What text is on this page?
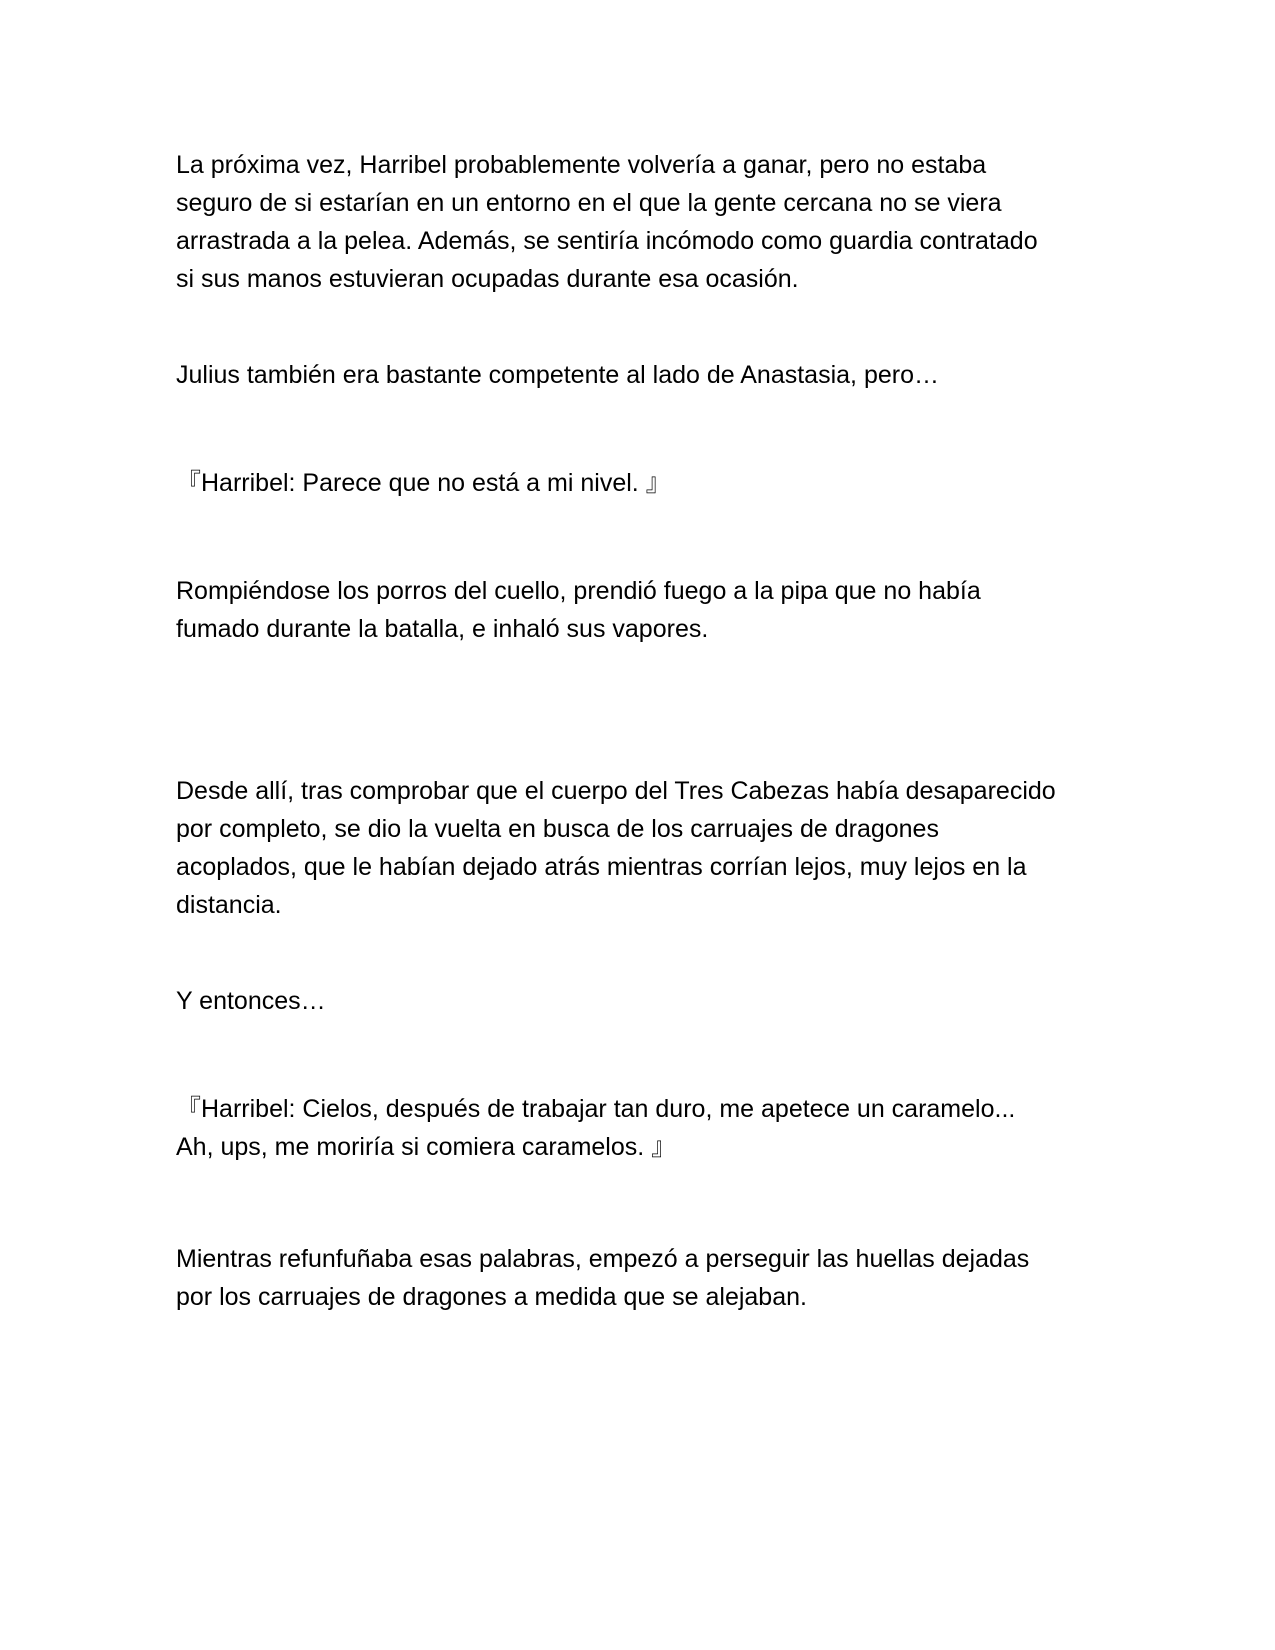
La próxima vez, Harribel probablemente volvería a ganar, pero no estaba
seguro de si estarían en un entorno en el que la gente cercana no se viera
arrastrada a la pelea. Además, se sentiría incómodo como guardia contratado
si sus manos estuvieran ocupadas durante esa ocasión.
Julius también era bastante competente al lado de Anastasia, pero…
『Harribel: Parece que no está a mi nivel. 』
Rompiéndose los porros del cuello, prendió fuego a la pipa que no había
fumado durante la batalla, e inhaló sus vapores.
Desde allí, tras comprobar que el cuerpo del Tres Cabezas había desaparecido
por completo, se dio la vuelta en busca de los carruajes de dragones
acoplados, que le habían dejado atrás mientras corrían lejos, muy lejos en la
distancia.
Y entonces…
『Harribel: Cielos, después de trabajar tan duro, me apetece un caramelo...
Ah, ups, me moriría si comiera caramelos. 』
Mientras refunfuñaba esas palabras, empezó a perseguir las huellas dejadas
por los carruajes de dragones a medida que se alejaban.
